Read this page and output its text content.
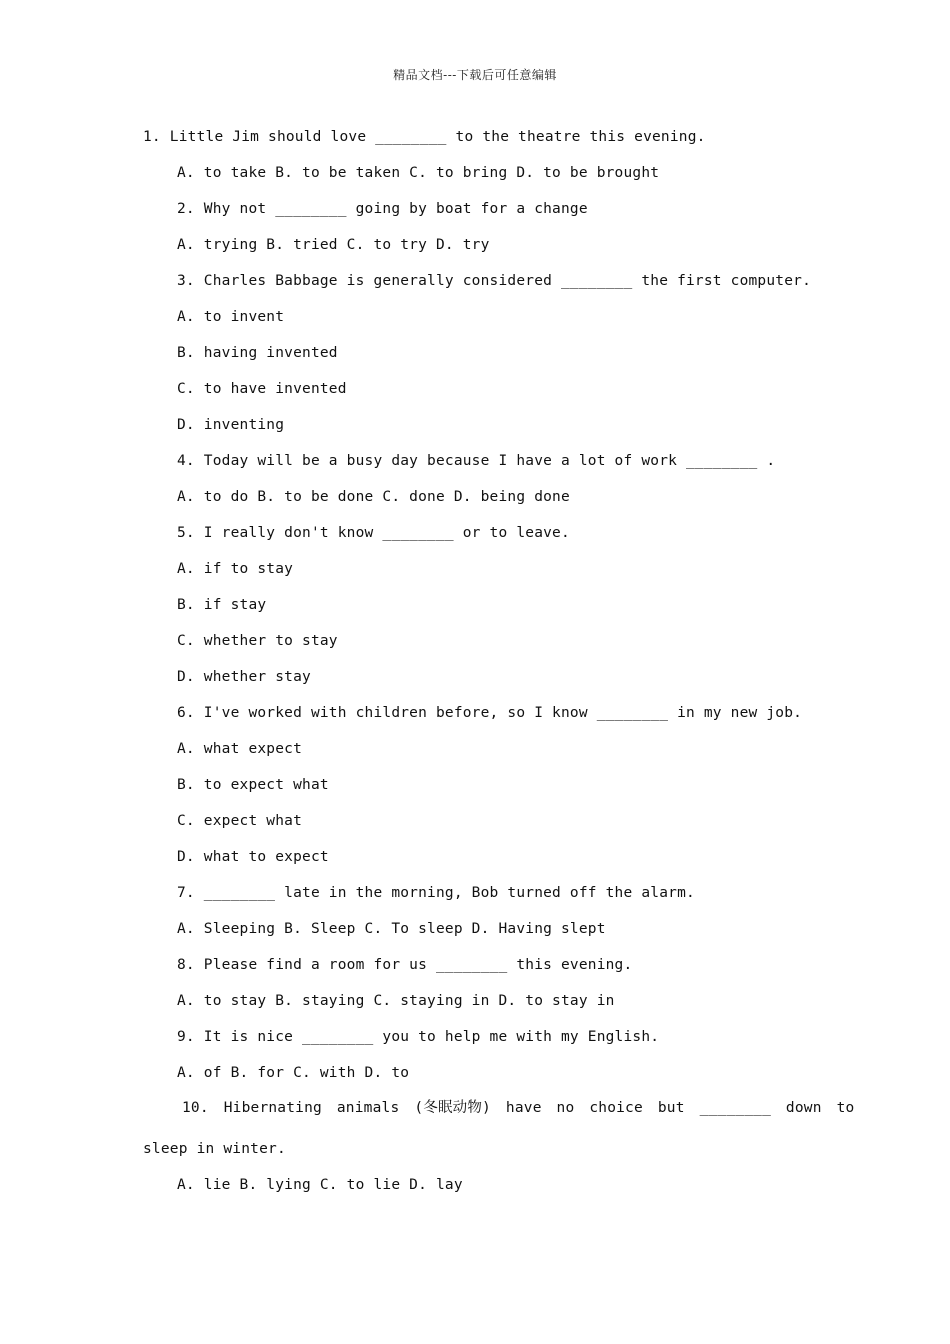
精品文档---下载后可任意编辑
1. Little Jim should love ________ to the theatre this evening.
A. to take B. to be taken C. to bring D. to be brought
2. Why not ________ going by boat for a change
A. trying B. tried C. to try D. try
3. Charles Babbage is generally considered ________ the first computer.
A. to invent
B. having invented
C. to have invented
D. inventing
4. Today will be a busy day because I have a lot of work ________ .
A. to do B. to be done C. done D. being done
5. I really don't know ________ or to leave.
A. if to stay
B. if stay
C. whether to stay
D. whether stay
6. I've worked with children before, so I know ________ in my new job.
A. what expect
B. to expect what
C. expect what
D. what to expect
7. ________ late in the morning, Bob turned off the alarm.
A. Sleeping B. Sleep C. To sleep D. Having slept
8. Please find a room for us ________ this evening.
A. to stay B. staying C. staying in D. to stay in
9. It is nice ________ you to help me with my English.
A. of B. for C. with D. to
10. Hibernating animals (冬眠动物) have no choice but ________ down to
sleep in winter.
A. lie B. lying C. to lie D. lay
